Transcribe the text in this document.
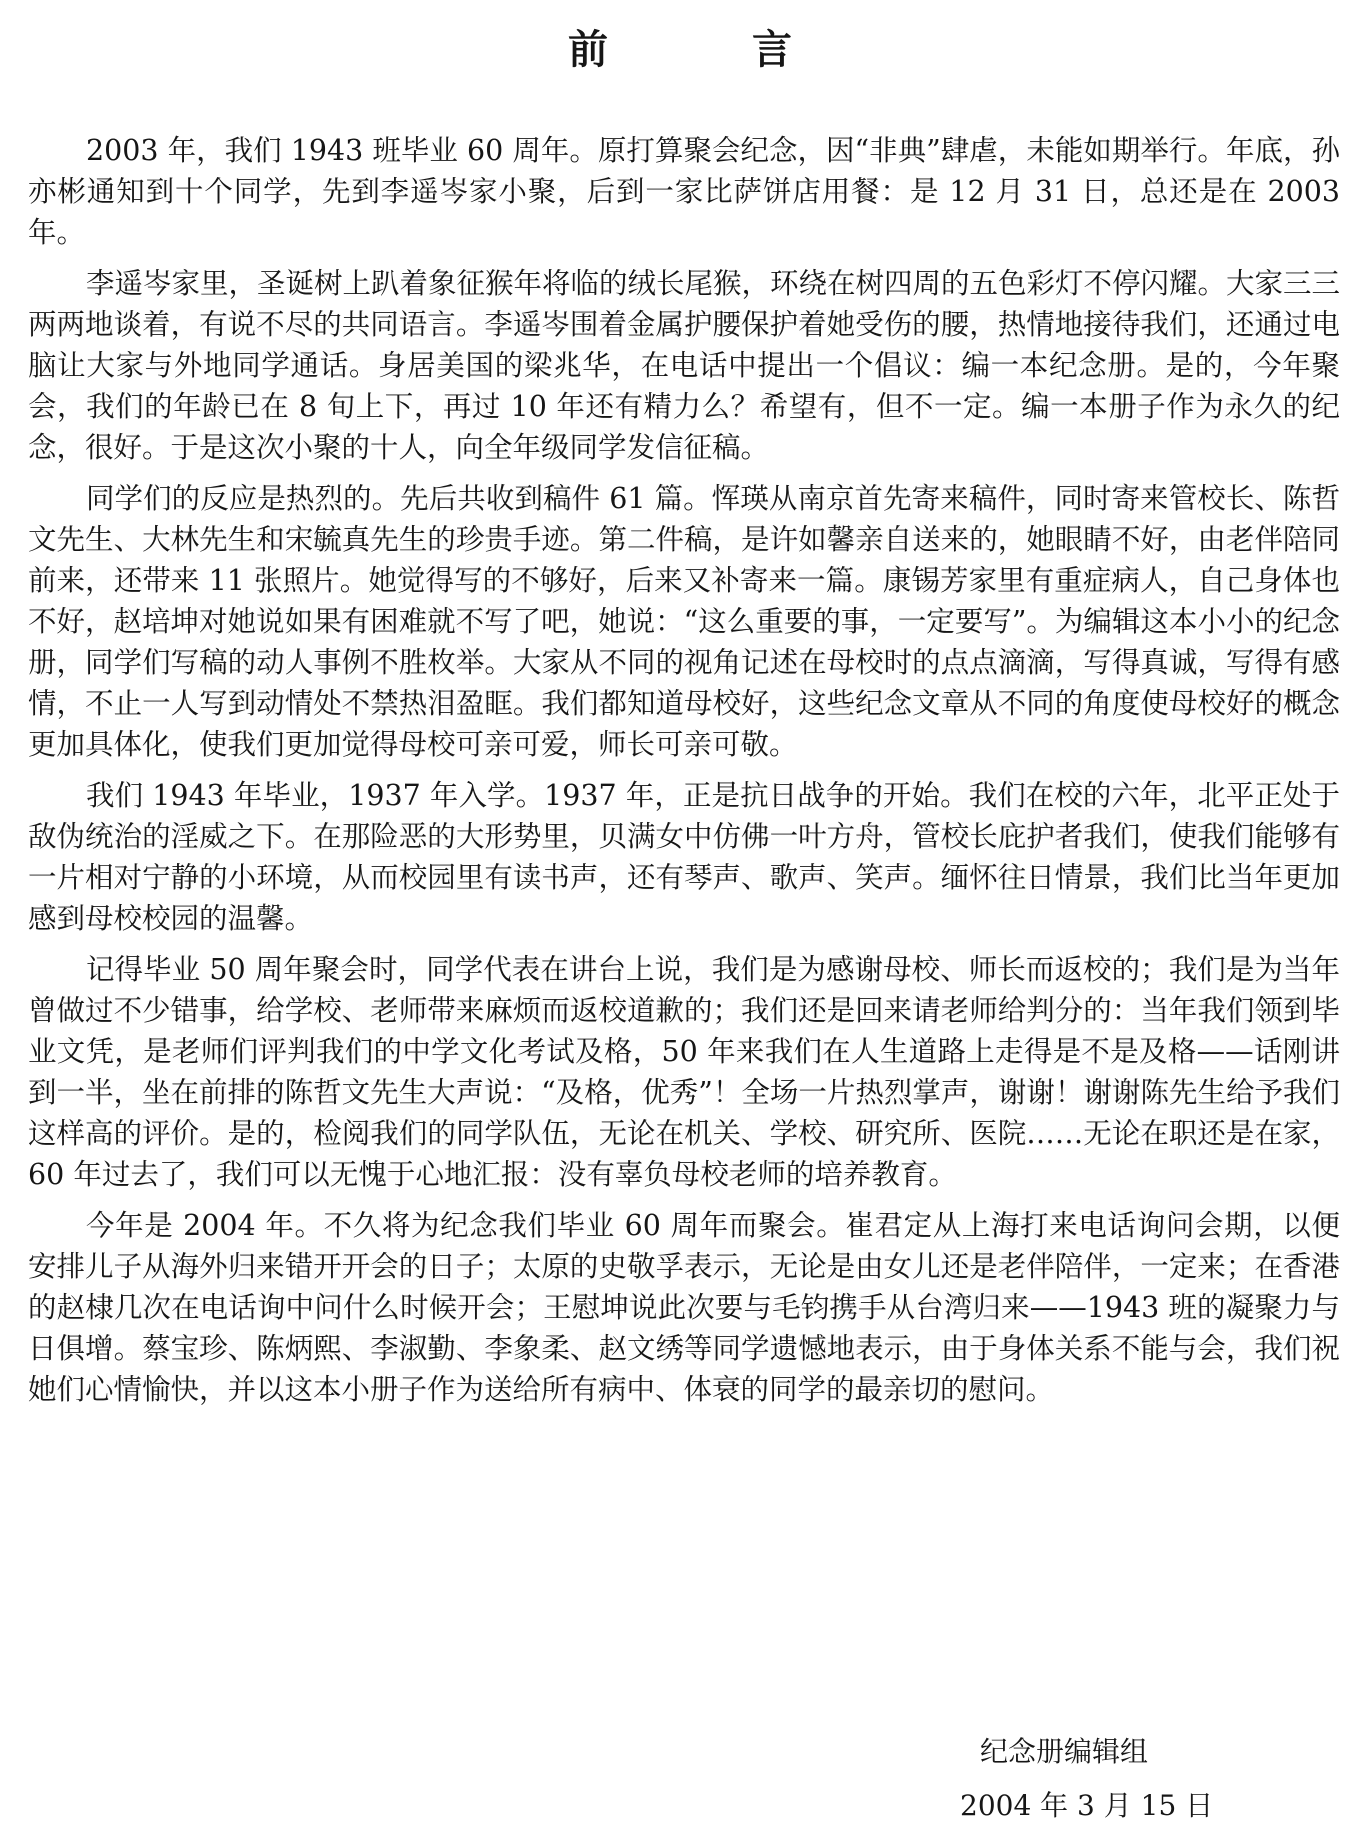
前　言

2003 年，我们 1943 班毕业 60 周年。原打算聚会纪念，因“非典”肆虐，未能如期举行。年底，孙亦彬通知到十个同学，先到李遥岑家小聚，后到一家比萨饼店用餐：是 12 月 31 日，总还是在 2003 年。

李遥岑家里，圣诞树上趴着象征猴年将临的绒长尾猴，环绕在树四周的五色彩灯不停闪耀。大家三三两两地谈着，有说不尽的共同语言。李遥岑围着金属护腰保护着她受伤的腰，热情地接待我们，还通过电脑让大家与外地同学通话。身居美国的梁兆华，在电话中提出一个倡议：编一本纪念册。是的，今年聚会，我们的年龄已在 8 旬上下，再过 10 年还有精力么？希望有，但不一定。编一本册子作为永久的纪念，很好。于是这次小聚的十人，向全年级同学发信征稿。

同学们的反应是热烈的。先后共收到稿件 61 篇。恽瑛从南京首先寄来稿件，同时寄来管校长、陈哲文先生、大林先生和宋毓真先生的珍贵手迹。第二件稿，是许如馨亲自送来的，她眼睛不好，由老伴陪同前来，还带来 11 张照片。她觉得写的不够好，后来又补寄来一篇。康锡芳家里有重症病人，自己身体也不好，赵培坤对她说如果有困难就不写了吧，她说：“这么重要的事，一定要写”。为编辑这本小小的纪念册，同学们写稿的动人事例不胜枚举。大家从不同的视角记述在母校时的点点滴滴，写得真诚，写得有感情，不止一人写到动情处不禁热泪盈眶。我们都知道母校好，这些纪念文章从不同的角度使母校好的概念更加具体化，使我们更加觉得母校可亲可爱，师长可亲可敬。

我们 1943 年毕业，1937 年入学。1937 年，正是抗日战争的开始。我们在校的六年，北平正处于敌伪统治的淫威之下。在那险恶的大形势里，贝满女中仿佛一叶方舟，管校长庇护者我们，使我们能够有一片相对宁静的小环境，从而校园里有读书声，还有琴声、歌声、笑声。缅怀往日情景，我们比当年更加感到母校校园的温馨。

记得毕业 50 周年聚会时，同学代表在讲台上说，我们是为感谢母校、师长而返校的；我们是为当年曾做过不少错事，给学校、老师带来麻烦而返校道歉的；我们还是回来请老师给判分的：当年我们领到毕业文凭，是老师们评判我们的中学文化考试及格，50 年来我们在人生道路上走得是不是及格——话刚讲到一半，坐在前排的陈哲文先生大声说：“及格，优秀”！全场一片热烈掌声，谢谢！谢谢陈先生给予我们这样高的评价。是的，检阅我们的同学队伍，无论在机关、学校、研究所、医院……无论在职还是在家，60 年过去了，我们可以无愧于心地汇报：没有辜负母校老师的培养教育。

今年是 2004 年。不久将为纪念我们毕业 60 周年而聚会。崔君定从上海打来电话询问会期，以便安排儿子从海外归来错开开会的日子；太原的史敬孚表示，无论是由女儿还是老伴陪伴，一定来；在香港的赵棣几次在电话询中问什么时候开会；王慰坤说此次要与毛钧携手从台湾归来——1943 班的凝聚力与日俱增。蔡宝珍、陈炳熙、李淑勤、李象柔、赵文绣等同学遗憾地表示，由于身体关系不能与会，我们祝她们心情愉快，并以这本小册子作为送给所有病中、体衰的同学的最亲切的慰问。

纪念册编辑组

2004 年 3 月 15 日
